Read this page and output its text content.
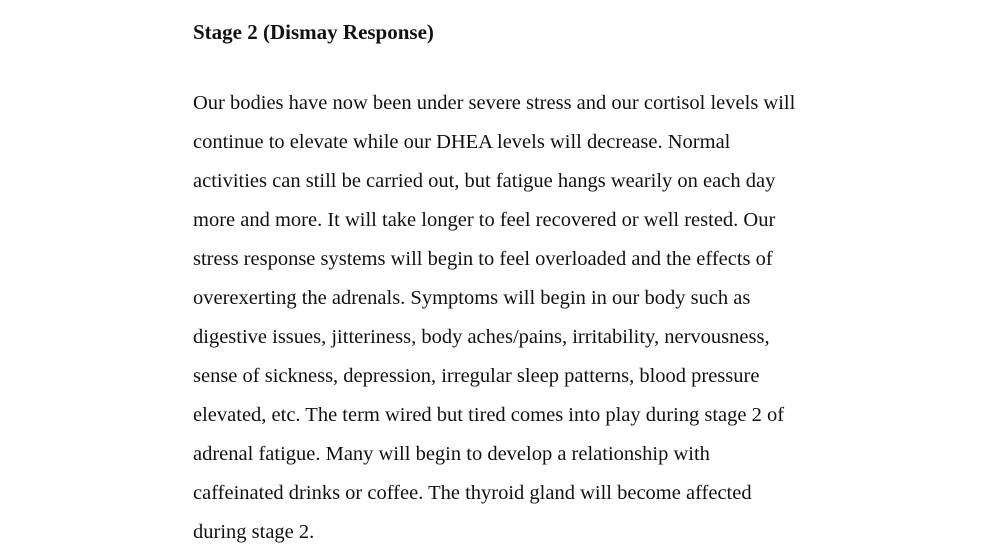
Stage 2 (Dismay Response)
Our bodies have now been under severe stress and our cortisol levels will
continue to elevate while our DHEA levels will decrease. Normal
activities can still be carried out, but fatigue hangs wearily on each day
more and more. It will take longer to feel recovered or well rested. Our
stress response systems will begin to feel overloaded and the effects of
overexerting the adrenals. Symptoms will begin in our body such as
digestive issues, jitteriness, body aches/pains, irritability, nervousness,
sense of sickness, depression, irregular sleep patterns, blood pressure
elevated, etc. The term wired but tired comes into play during stage 2 of
adrenal fatigue. Many will begin to develop a relationship with
caffeinated drinks or coffee. The thyroid gland will become affected
during stage 2.
